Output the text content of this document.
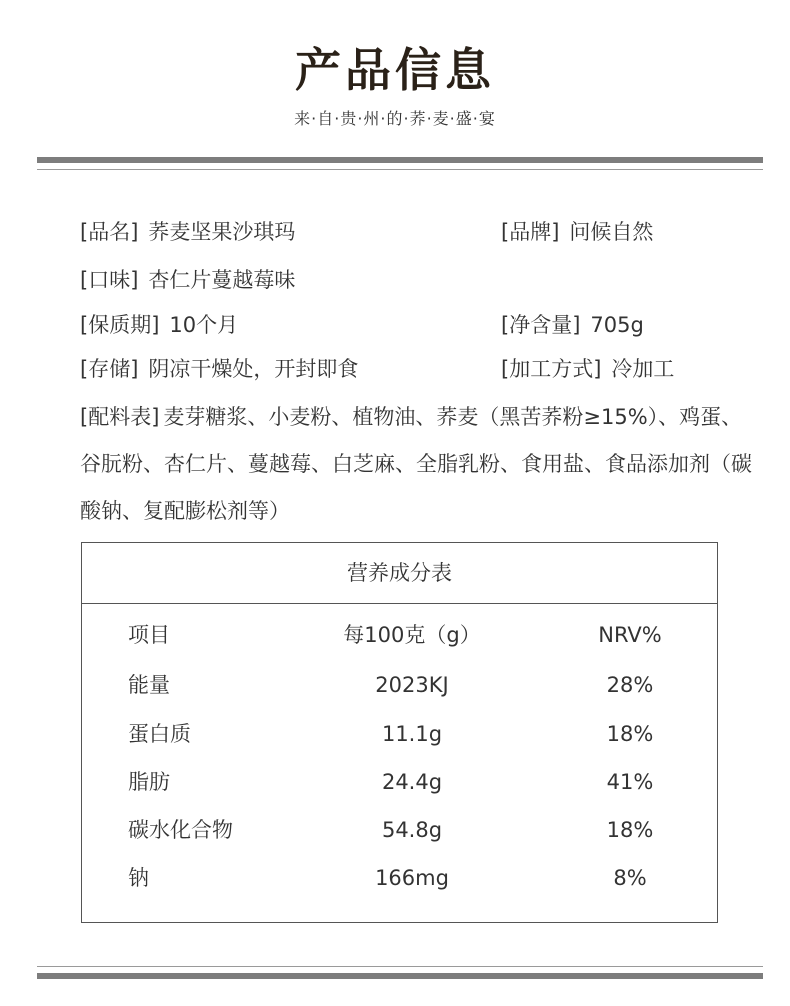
产品信息
来·自·贵·州·的·荞·麦·盛·宴
[品名] 荞麦坚果沙琪玛	[品牌] 问候自然
[口味] 杏仁片蔓越莓味
[保质期] 10个月	[净含量] 705g
[存储] 阴凉干燥处，开封即食	[加工方式] 冷加工
[配料表] 麦芽糖浆、小麦粉、植物油、荞麦（黑苦荞粉≥15%）、鸡蛋、谷朊粉、杏仁片、蔓越莓、白芝麻、全脂乳粉、食用盐、食品添加剂（碳酸钠、复配膨松剂等）
营养成分表
项目	每100克（g）	NRV%
能量	2023KJ	28%
蛋白质	11.1g	18%
脂肪	24.4g	41%
碳水化合物	54.8g	18%
钠	166mg	8%
